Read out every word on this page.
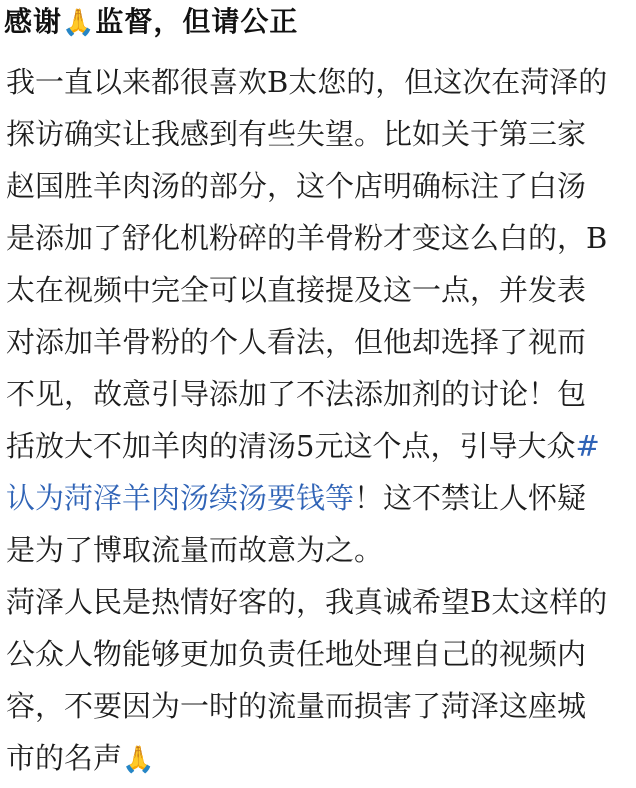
感谢🙏监督，但请公正
我一直以来都很喜欢B太您的，但这次在菏泽的
探访确实让我感到有些失望。比如关于第三家
赵国胜羊肉汤的部分，这个店明确标注了白汤
是添加了舒化机粉碎的羊骨粉才变这么白的，B
太在视频中完全可以直接提及这一点，并发表
对添加羊骨粉的个人看法，但他却选择了视而
不见，故意引导添加了不法添加剂的讨论！包
括放大不加羊肉的清汤5元这个点，引导大众#
认为菏泽羊肉汤续汤要钱等！这不禁让人怀疑
是为了博取流量而故意为之。
菏泽人民是热情好客的，我真诚希望B太这样的
公众人物能够更加负责任地处理自己的视频内
容，不要因为一时的流量而损害了菏泽这座城
市的名声🙏
